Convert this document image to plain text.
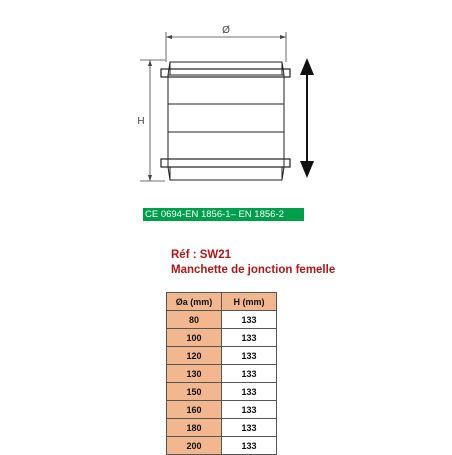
Ø
H
CE 0694-EN 1856-1– EN 1856-2
Réf : SW21
Manchette de jonction femelle
Øa (mm)	H (mm)
80	133
100	133
120	133
130	133
150	133
160	133
180	133
200	133
